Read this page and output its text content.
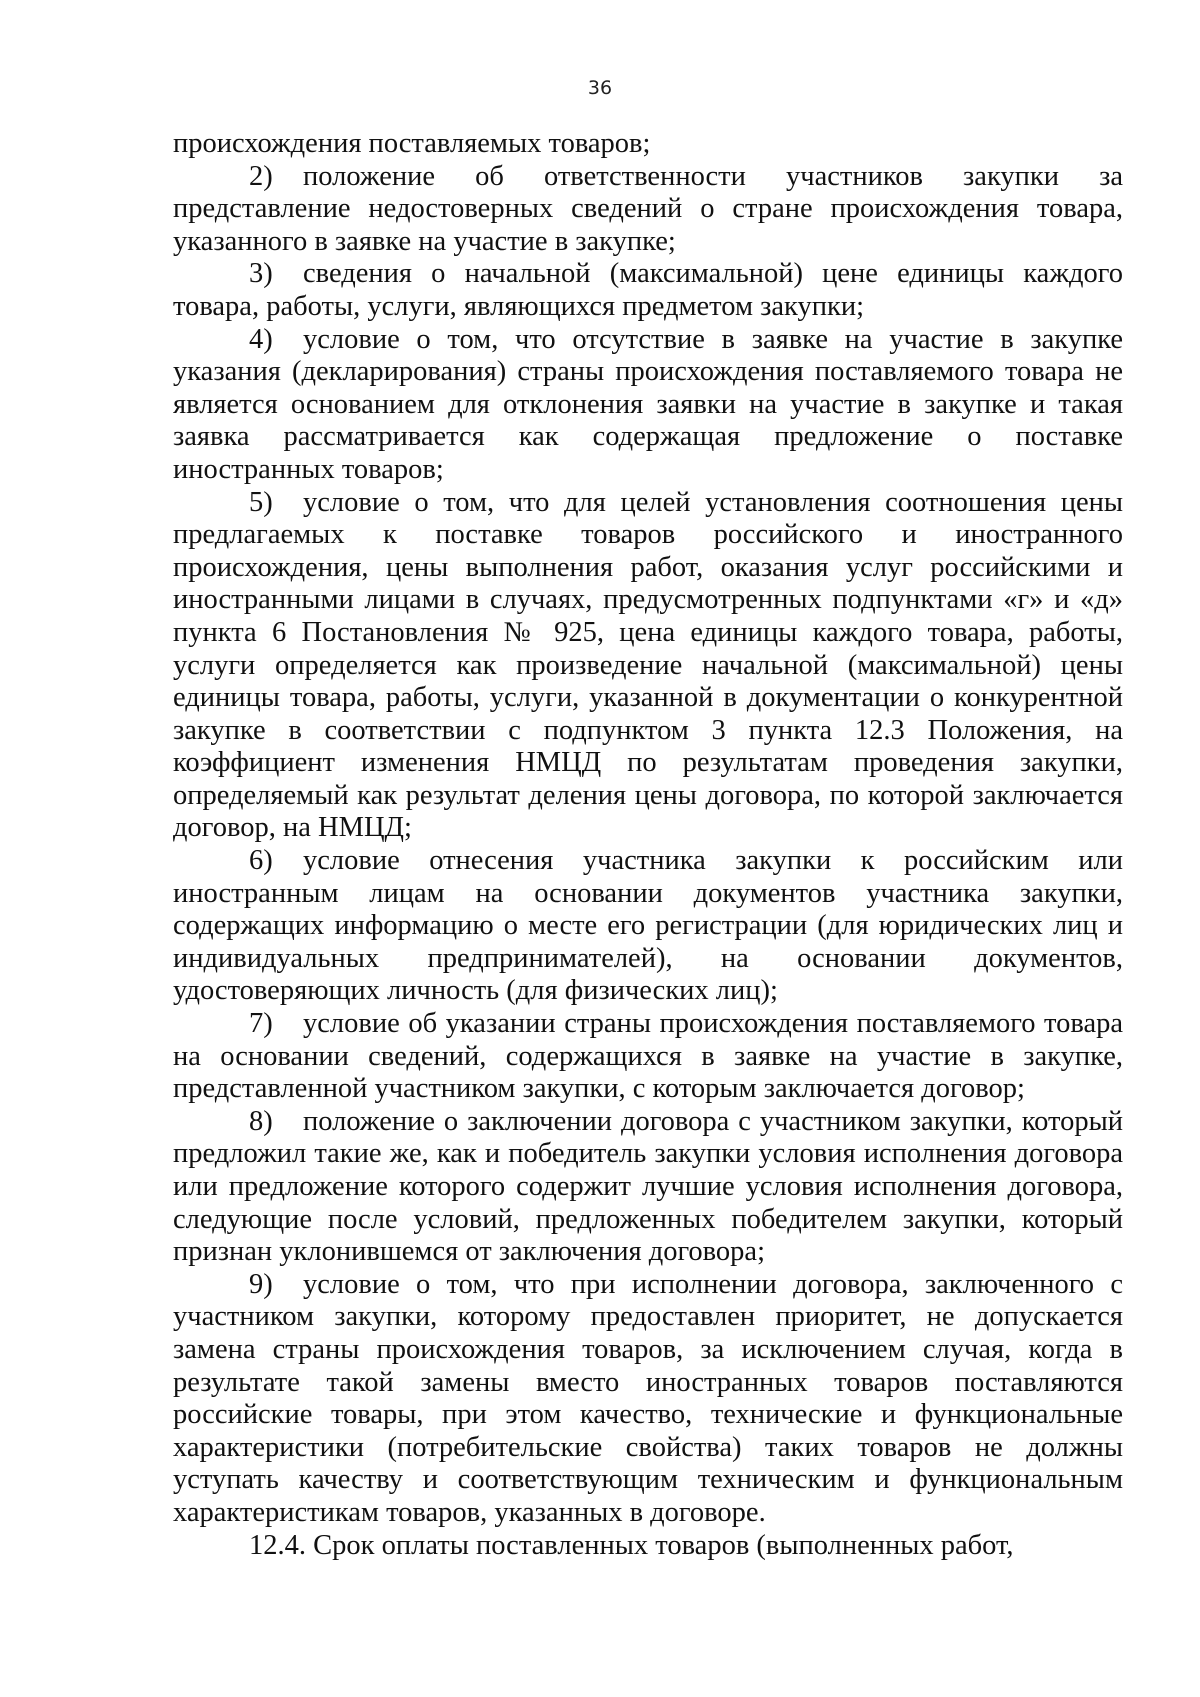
36

происхождения поставляемых товаров;

2) положение об ответственности участников закупки за представление недостоверных сведений о стране происхождения товара, указанного в заявке на участие в закупке;

3) сведения о начальной (максимальной) цене единицы каждого товара, работы, услуги, являющихся предметом закупки;

4) условие о том, что отсутствие в заявке на участие в закупке указания (декларирования) страны происхождения поставляемого товара не является основанием для отклонения заявки на участие в закупке и такая заявка рассматривается как содержащая предложение о поставке иностранных товаров;

5) условие о том, что для целей установления соотношения цены предлагаемых к поставке товаров российского и иностранного происхождения, цены выполнения работ, оказания услуг российскими и иностранными лицами в случаях, предусмотренных подпунктами «г» и «д» пункта 6 Постановления № 925, цена единицы каждого товара, работы, услуги определяется как произведение начальной (максимальной) цены единицы товара, работы, услуги, указанной в документации о конкурентной закупке в соответствии с подпунктом 3 пункта 12.3 Положения, на коэффициент изменения НМЦД по результатам проведения закупки, определяемый как результат деления цены договора, по которой заключается договор, на НМЦД;

6) условие отнесения участника закупки к российским или иностранным лицам на основании документов участника закупки, содержащих информацию о месте его регистрации (для юридических лиц и индивидуальных предпринимателей), на основании документов, удостоверяющих личность (для физических лиц);

7) условие об указании страны происхождения поставляемого товара на основании сведений, содержащихся в заявке на участие в закупке, представленной участником закупки, с которым заключается договор;

8) положение о заключении договора с участником закупки, который предложил такие же, как и победитель закупки условия исполнения договора или предложение которого содержит лучшие условия исполнения договора, следующие после условий, предложенных победителем закупки, который признан уклонившемся от заключения договора;

9) условие о том, что при исполнении договора, заключенного с участником закупки, которому предоставлен приоритет, не допускается замена страны происхождения товаров, за исключением случая, когда в результате такой замены вместо иностранных товаров поставляются российские товары, при этом качество, технические и функциональные характеристики (потребительские свойства) таких товаров не должны уступать качеству и соответствующим техническим и функциональным характеристикам товаров, указанных в договоре.

12.4. Срок оплаты поставленных товаров (выполненных работ,
